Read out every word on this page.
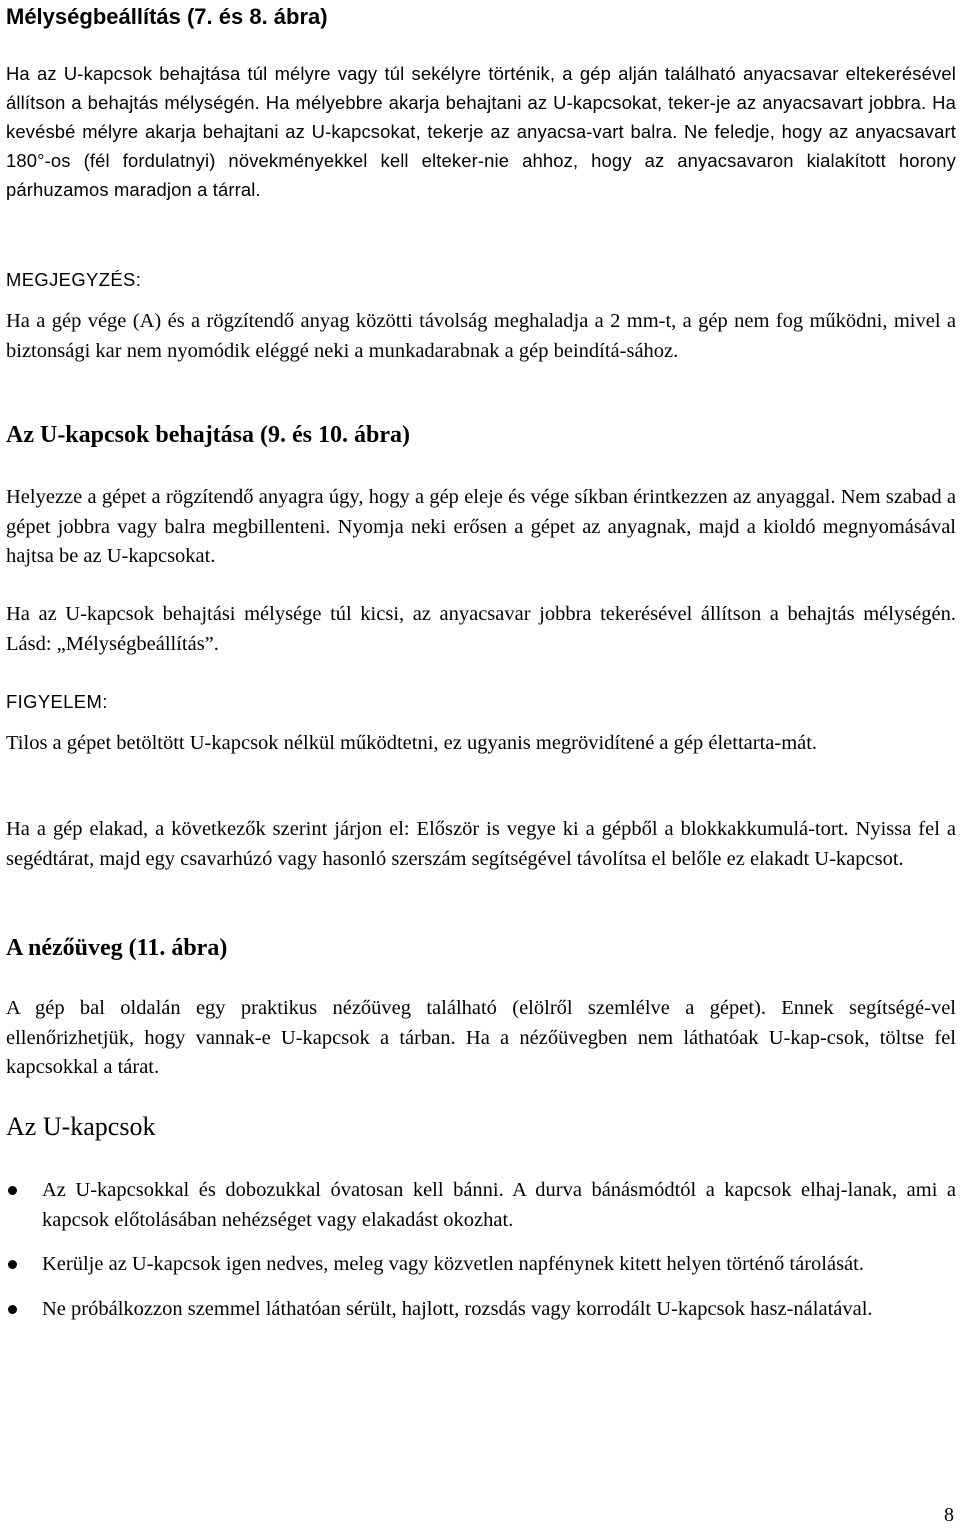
Mélységbeállítás (7. és 8. ábra)

Ha az U-kapcsok behajtása túl mélyre vagy túl sekélyre történik, a gép alján található anyacsavar eltekerésével állítson a behajtás mélységén. Ha mélyebbre akarja behajtani az U-kapcsokat, teker-je az anyacsavart jobbra. Ha kevésbé mélyre akarja behajtani az U-kapcsokat, tekerje az anyacsa-vart balra. Ne feledje, hogy az anyacsavart 180°-os (fél fordulatnyi) növekményekkel kell elteker-nie ahhoz, hogy az anyacsavaron kialakított horony párhuzamos maradjon a tárral.

MEGJEGYZÉS:

Ha a gép vége (A) és a rögzítendő anyag közötti távolság meghaladja a 2 mm-t, a gép nem fog működni, mivel a biztonsági kar nem nyomódik eléggé neki a munkadarabnak a gép beindítá-sához.

Az U-kapcsok behajtása (9. és 10. ábra)

Helyezze a gépet a rögzítendő anyagra úgy, hogy a gép eleje és vége síkban érintkezzen az anyaggal. Nem szabad a gépet jobbra vagy balra megbillenteni. Nyomja neki erősen a gépet az anyagnak, majd a kioldó megnyomásával hajtsa be az U-kapcsokat.

Ha az U-kapcsok behajtási mélysége túl kicsi, az anyacsavar jobbra tekerésével állítson a behajtás mélységén. Lásd: „Mélységbeállítás”.

FIGYELEM:

Tilos a gépet betöltött U-kapcsok nélkül működtetni, ez ugyanis megrövidítené a gép élettarta-mát.

Ha a gép elakad, a következők szerint járjon el: Először is vegye ki a gépből a blokkakkumulá-tort. Nyissa fel a segédtárat, majd egy csavarhúzó vagy hasonló szerszám segítségével távolítsa el belőle ez elakadt U-kapcsot.

A nézőüveg (11. ábra)

A gép bal oldalán egy praktikus nézőüveg található (elölről szemlélve a gépet). Ennek segítségé-vel ellenőrizhetjük, hogy vannak-e U-kapcsok a tárban. Ha a nézőüvegben nem láthatóak U-kap-csok, töltse fel kapcsokkal a tárat.

Az U-kapcsok
Az U-kapcsokkal és dobozukkal óvatosan kell bánni. A durva bánásmódtól a kapcsok elhaj-lanak, ami a kapcsok előtolásában nehézséget vagy elakadást okozhat.
Kerülje az U-kapcsok igen nedves, meleg vagy közvetlen napfénynek kitett helyen történő tárolását.
Ne próbálkozzon szemmel láthatóan sérült, hajlott, rozsdás vagy korrodált U-kapcsok hasz-nálatával.
8
